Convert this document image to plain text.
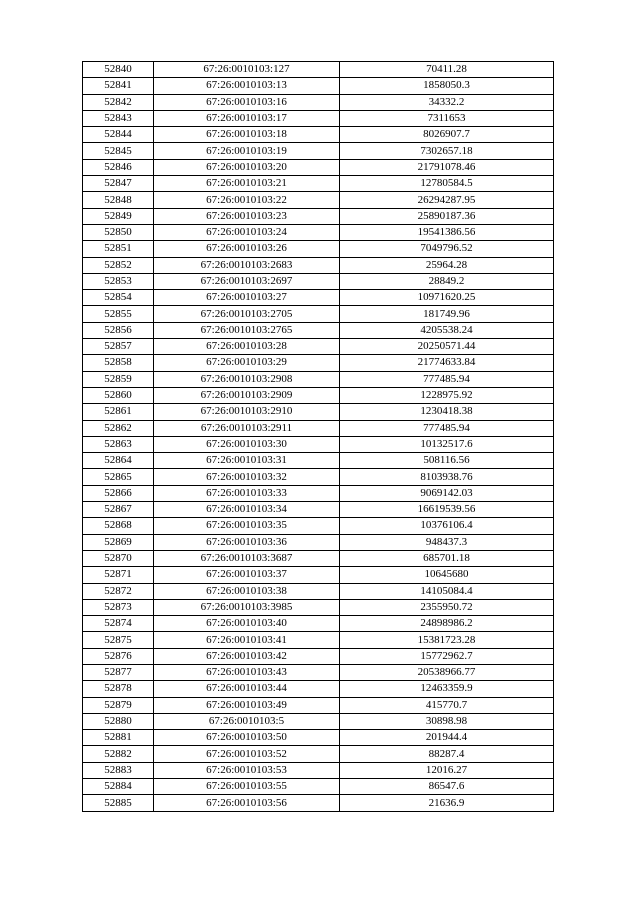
52840	67:26:0010103:127	70411.28
52841	67:26:0010103:13	1858050.3
52842	67:26:0010103:16	34332.2
52843	67:26:0010103:17	7311653
52844	67:26:0010103:18	8026907.7
52845	67:26:0010103:19	7302657.18
52846	67:26:0010103:20	21791078.46
52847	67:26:0010103:21	12780584.5
52848	67:26:0010103:22	26294287.95
52849	67:26:0010103:23	25890187.36
52850	67:26:0010103:24	19541386.56
52851	67:26:0010103:26	7049796.52
52852	67:26:0010103:2683	25964.28
52853	67:26:0010103:2697	28849.2
52854	67:26:0010103:27	10971620.25
52855	67:26:0010103:2705	181749.96
52856	67:26:0010103:2765	4205538.24
52857	67:26:0010103:28	20250571.44
52858	67:26:0010103:29	21774633.84
52859	67:26:0010103:2908	777485.94
52860	67:26:0010103:2909	1228975.92
52861	67:26:0010103:2910	1230418.38
52862	67:26:0010103:2911	777485.94
52863	67:26:0010103:30	10132517.6
52864	67:26:0010103:31	508116.56
52865	67:26:0010103:32	8103938.76
52866	67:26:0010103:33	9069142.03
52867	67:26:0010103:34	16619539.56
52868	67:26:0010103:35	10376106.4
52869	67:26:0010103:36	948437.3
52870	67:26:0010103:3687	685701.18
52871	67:26:0010103:37	10645680
52872	67:26:0010103:38	14105084.4
52873	67:26:0010103:3985	2355950.72
52874	67:26:0010103:40	24898986.2
52875	67:26:0010103:41	15381723.28
52876	67:26:0010103:42	15772962.7
52877	67:26:0010103:43	20538966.77
52878	67:26:0010103:44	12463359.9
52879	67:26:0010103:49	415770.7
52880	67:26:0010103:5	30898.98
52881	67:26:0010103:50	201944.4
52882	67:26:0010103:52	88287.4
52883	67:26:0010103:53	12016.27
52884	67:26:0010103:55	86547.6
52885	67:26:0010103:56	21636.9
